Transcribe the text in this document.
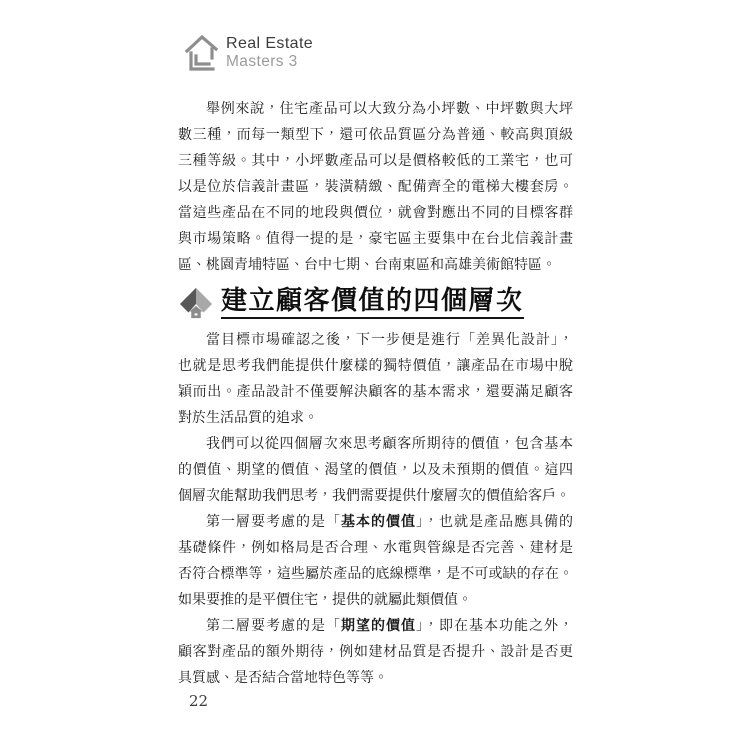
Real Estate
Masters 3
舉例來說，住宅產品可以大致分為小坪數、中坪數與大坪
數三種，而每一類型下，還可依品質區分為普通、較高與頂級
三種等級。其中，小坪數產品可以是價格較低的工業宅，也可
以是位於信義計畫區，裝潢精緻、配備齊全的電梯大樓套房。
當這些產品在不同的地段與價位，就會對應出不同的目標客群
與市場策略。值得一提的是，豪宅區主要集中在台北信義計畫
區、桃園青埔特區、台中七期、台南東區和高雄美術館特區。
建立顧客價值的四個層次
當目標市場確認之後，下一步便是進行「差異化設計」，
也就是思考我們能提供什麼樣的獨特價值，讓產品在市場中脫
穎而出。產品設計不僅要解決顧客的基本需求，還要滿足顧客
對於生活品質的追求。
我們可以從四個層次來思考顧客所期待的價值，包含基本
的價值、期望的價值、渴望的價值，以及未預期的價值。這四
個層次能幫助我們思考，我們需要提供什麼層次的價值給客戶。
第一層要考慮的是「基本的價值」，也就是產品應具備的
基礎條件，例如格局是否合理、水電與管線是否完善、建材是
否符合標準等，這些屬於產品的底線標準，是不可或缺的存在。
如果要推的是平價住宅，提供的就屬此類價值。
第二層要考慮的是「期望的價值」，即在基本功能之外，
顧客對產品的額外期待，例如建材品質是否提升、設計是否更
具質感、是否結合當地特色等等。
22
